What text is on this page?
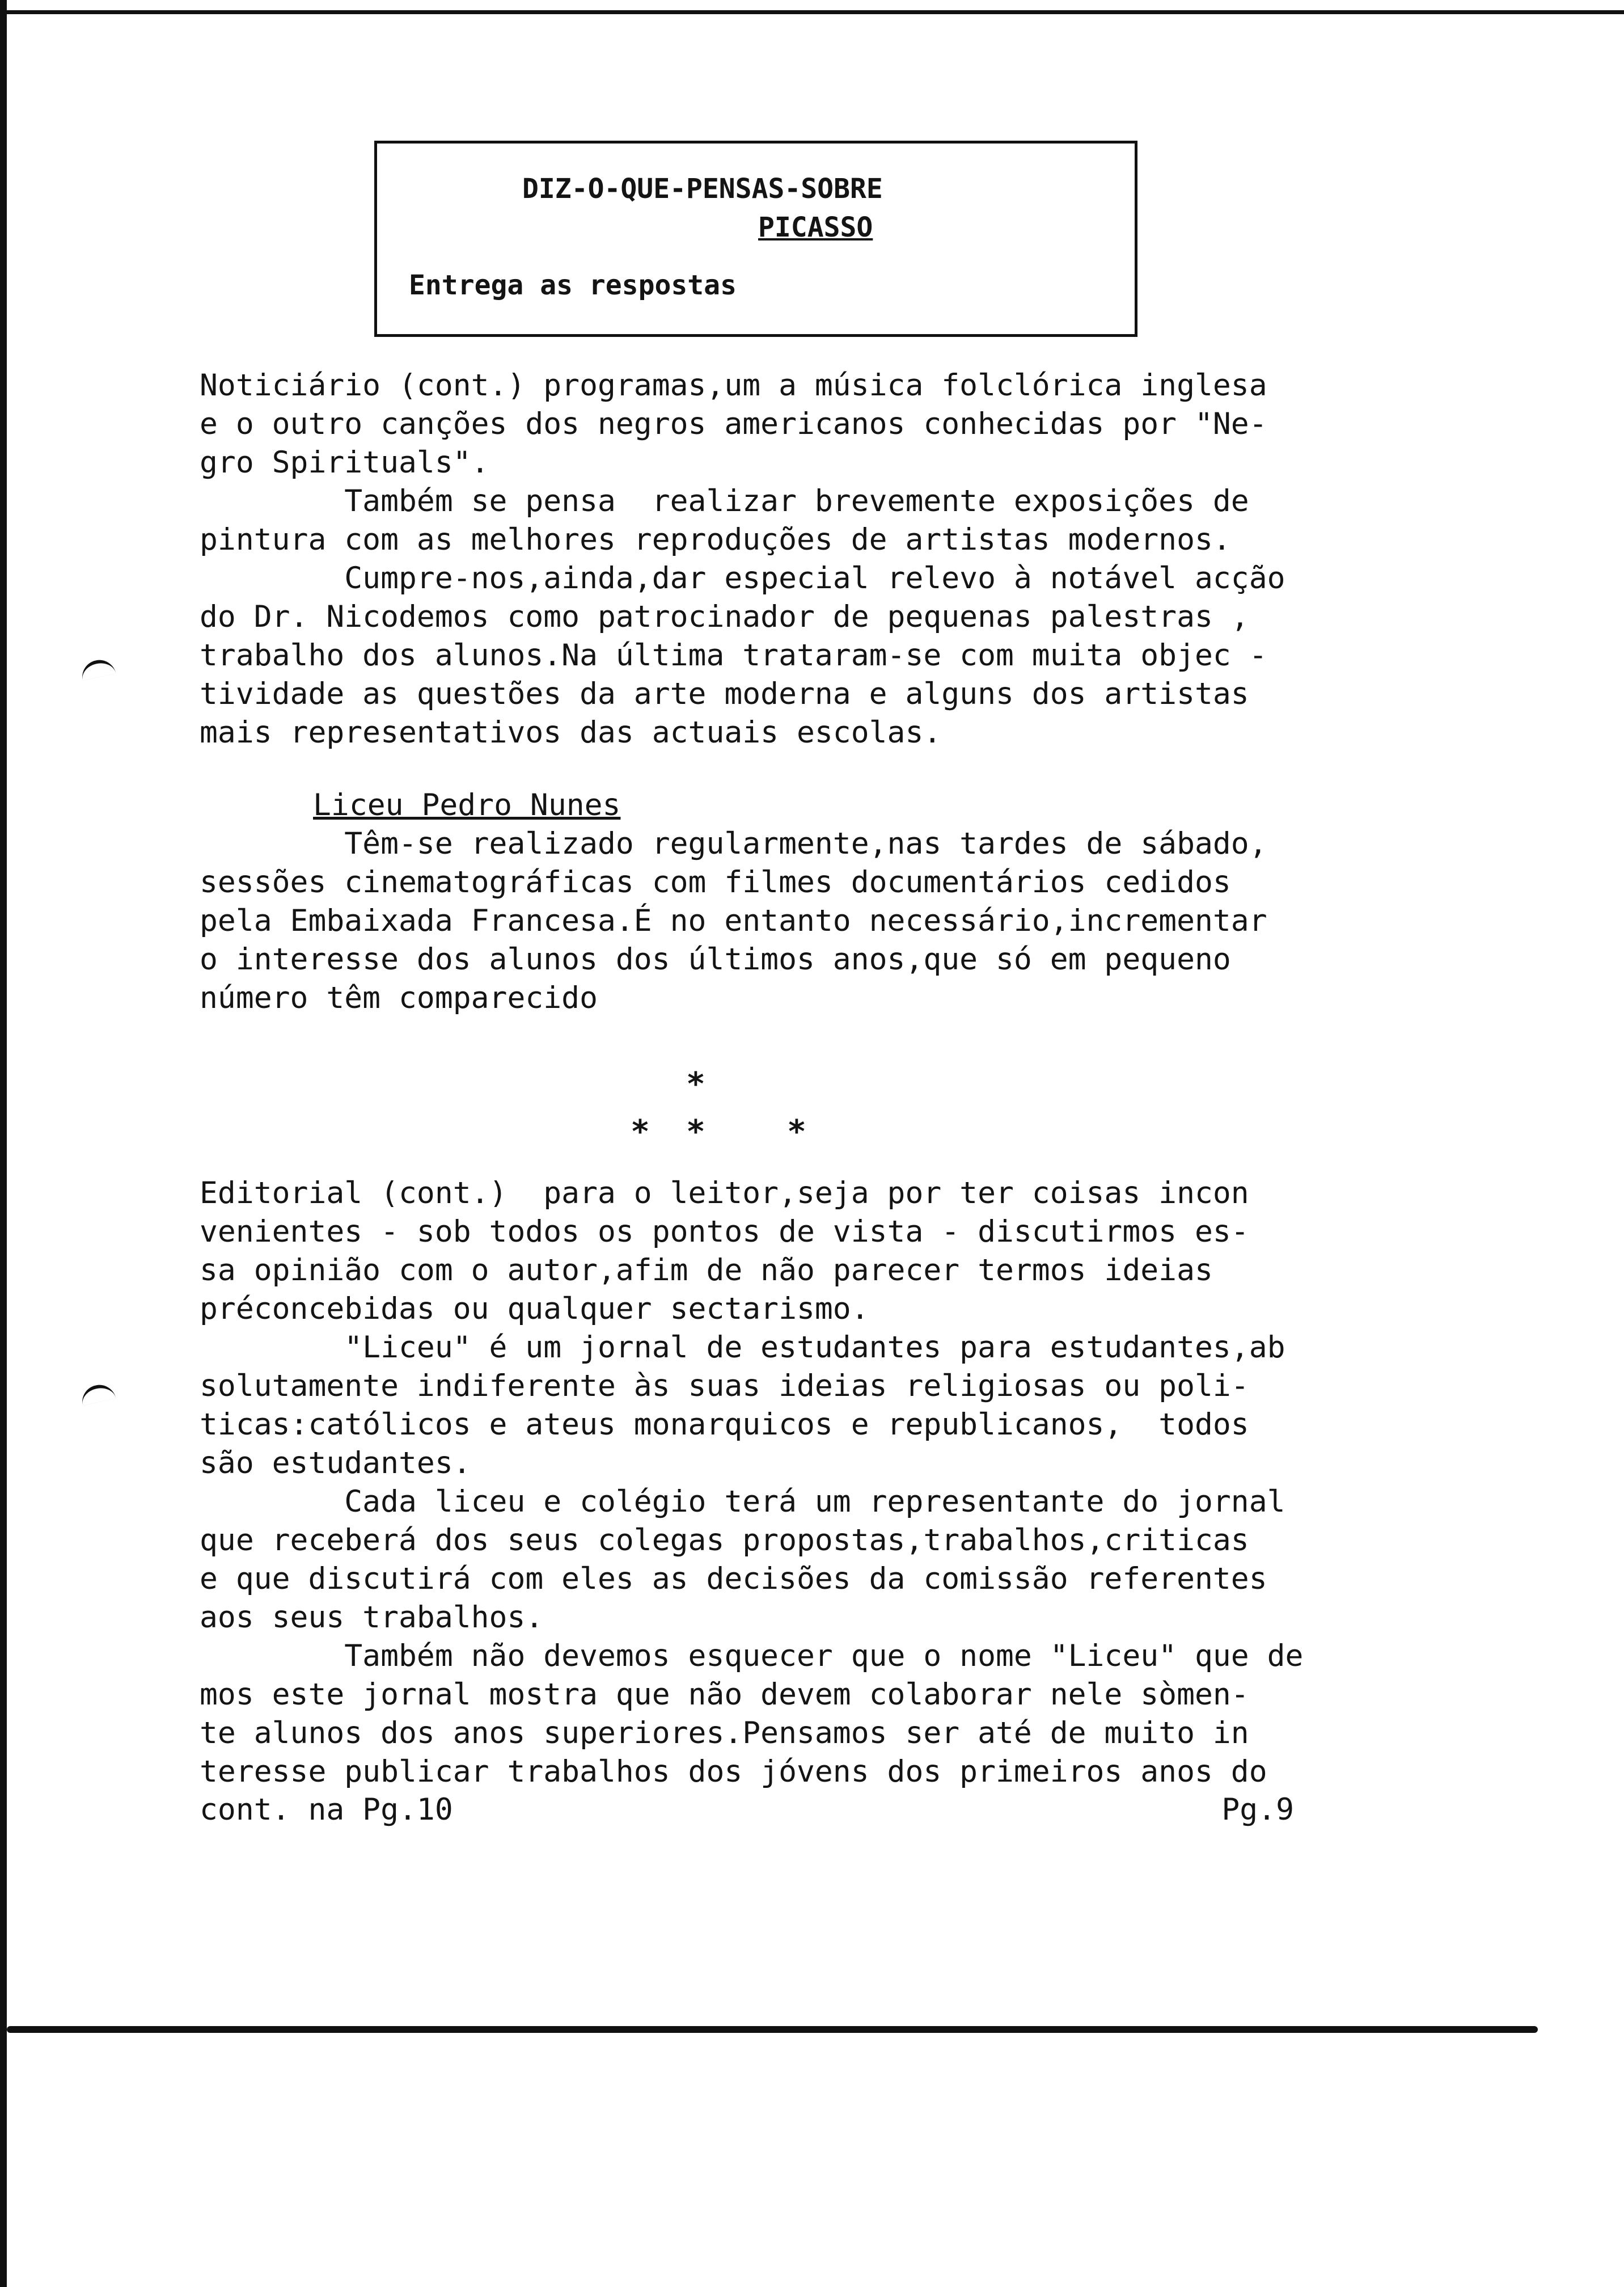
DIZ-O-QUE-PENSAS-SOBRE
PICASSO
Entrega as respostas
Noticiário (cont.) programas,um a música folclórica inglesa
e o outro canções dos negros americanos conhecidas por "Ne-
gro Spirituals".
Também se pensa  realizar brevemente exposições de
pintura com as melhores reproduções de artistas modernos.
Cumpre-nos,ainda,dar especial relevo à notável acção
do Dr. Nicodemos como patrocinador de pequenas palestras ,
trabalho dos alunos.Na última trataram-se com muita objec -
tividade as questões da arte moderna e alguns dos artistas
mais representativos das actuais escolas.
Liceu Pedro Nunes
Têm-se realizado regularmente,nas tardes de sábado,
sessões cinematográficas com filmes documentários cedidos
pela Embaixada Francesa.É no entanto necessário,incrementar
o interesse dos alunos dos últimos anos,que só em pequeno
número têm comparecido
*
*	*	*
Editorial (cont.)  para o leitor,seja por ter coisas incon
venientes - sob todos os pontos de vista - discutirmos es-
sa opinião com o autor,afim de não parecer termos ideias
préconcebidas ou qualquer sectarismo.
"Liceu" é um jornal de estudantes para estudantes,ab
solutamente indiferente às suas ideias religiosas ou poli-
ticas:católicos e ateus monarquicos e republicanos,  todos
são estudantes.
Cada liceu e colégio terá um representante do jornal
que receberá dos seus colegas propostas,trabalhos,criticas
e que discutirá com eles as decisões da comissão referentes
aos seus trabalhos.
Também não devemos esquecer que o nome "Liceu" que de
mos este jornal mostra que não devem colaborar nele sòmen-
te alunos dos anos superiores.Pensamos ser até de muito in
teresse publicar trabalhos dos jóvens dos primeiros anos do
cont. na Pg.10	Pg.9
